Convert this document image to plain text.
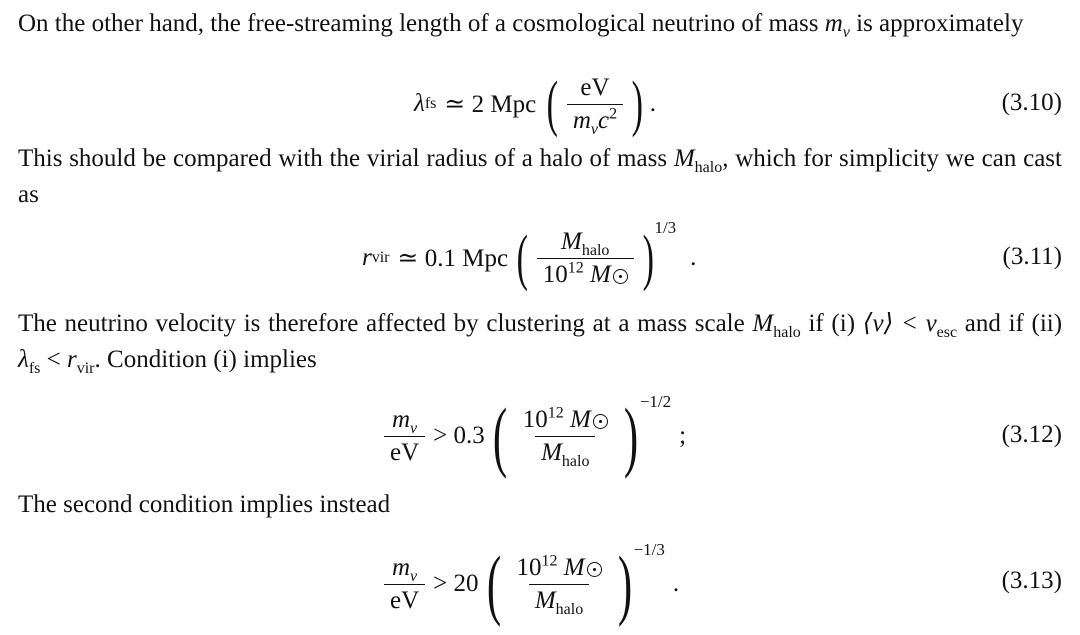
On the other hand, the free-streaming length of a cosmological neutrino of mass $m_\nu$ is approximately
λ fs ≃ 2 Mpc ( $\frac{eV}{m_\nu c^2}$ ) .	(3.10)
This should be compared with the virial radius of a halo of mass $M_{halo}$, which for simplicity we can cast as
r vir ≃ 0.1 Mpc ( $\frac{M_{halo}}{10^{12} M}$ ) 1/3
.	(3.11)
The neutrino velocity is therefore affected by clustering at a mass scale $M_{halo}$ if (i) ⟨v⟩ < $v_{esc}$ and if (ii) $\lambda_{fs} < r_{vir}$. Condition (i) implies
$\frac{m_\nu}{eV} > 0.3$ ( $\frac{10^{12} M}{M_{halo}}$ ) −1/2
;	(3.12)
The second condition implies instead
$\frac{m_\nu}{eV} > 20$ ( $\frac{10^{12} M}{M_{halo}}$ ) −1/3
.	(3.13)
